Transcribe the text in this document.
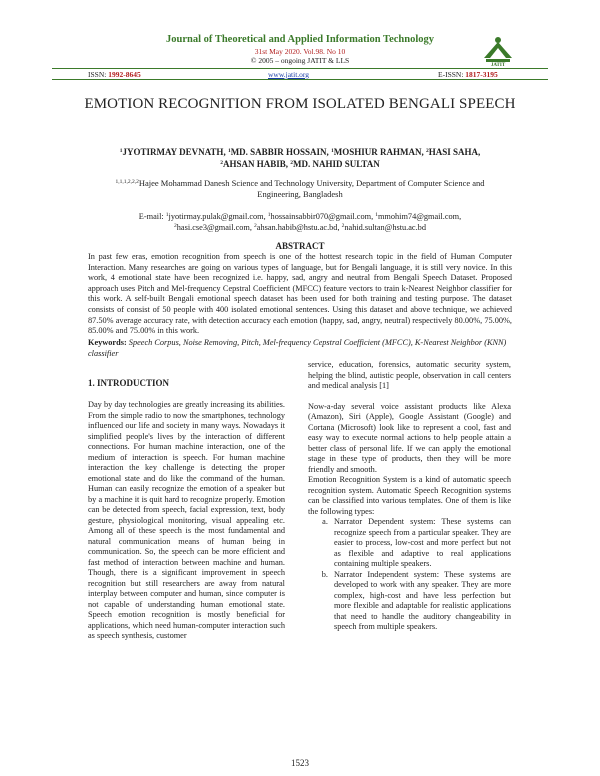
Journal of Theoretical and Applied Information Technology
31st May 2020. Vol.98. No 10
© 2005 – ongoing JATIT & LLS
JATIT
ISSN: 1992-8645	www.jatit.org	E-ISSN: 1817-3195
EMOTION RECOGNITION FROM ISOLATED BENGALI SPEECH
$^1$JYOTIRMAY DEVNATH, $^1$MD. SABBIR HOSSAIN, $^1$MOSHIUR RAHMAN, $^2$HASI SAHA,
$^2$AHSAN HABIB, $^2$MD. NAHID SULTAN
$^{1,1,1,2,2,2}$Hajee Mohammad Danesh Science and Technology University, Department of Computer Science and Engineering, Bangladesh
E-mail: $^1$jyotirmay.pulak@gmail.com, $^1$hossainsabbir070@gmail.com, $^1$mmohim74@gmail.com,
$^2$hasi.cse3@gmail.com, $^2$ahsan.habib@hstu.ac.bd, $^2$nahid.sultan@hstu.ac.bd
ABSTRACT
In past few eras, emotion recognition from speech is one of the hottest research topic in the field of Human Computer Interaction. Many researches are going on various types of language, but for Bengali language, it is still very novice. In this work, 4 emotional state have been recognized i.e. happy, sad, angry and neutral from Bengali Speech Dataset. Proposed approach uses Pitch and Mel-frequency Cepstral Coefficient (MFCC) feature vectors to train k-Nearest Neighbor classifier for this work. A self-built Bengali emotional speech dataset has been used for both training and testing purpose. The dataset consists of consist of 50 people with 400 isolated emotional sentences. Using this dataset and above technique, we achieved 87.50% average accuracy rate, with detection accuracy each emotion (happy, sad, angry, neutral) respectively 80.00%, 75.00%, 85.00% and 75.00% in this work.
Keywords: Speech Corpus, Noise Removing, Pitch, Mel-frequency Cepstral Coefficient (MFCC), K-Nearest Neighbor (KNN) classifier
1. INTRODUCTION

Day by day technologies are greatly increasing its abilities. From the simple radio to now the smartphones, technology influenced our life and society in many ways. Nowadays it simplified people's lives by the interaction of different connections. For human machine interaction, one of the medium of interaction is speech. For human machine interaction the key challenge is detecting the proper emotional state and do like the command of the human. Human can easily recognize the emotion of a speaker but by a machine it is quit hard to recognize properly. Emotion can be detected from speech, facial expression, text, body gesture, physiological monitoring, visual appealing etc. Among all of these speech is the most fundamental and natural communication means of human being in communication. So, the speech can be more efficient and fast method of interaction between machine and human. Though, there is a significant improvement in speech recognition but still researchers are away from natural interplay between computer and human, since computer is not capable of understanding human emotional state. Speech emotion recognition is mostly beneficial for applications, which need human-computer interaction such as speech synthesis, customer

service, education, forensics, automatic security system, helping the blind, autistic people, observation in call centers and medical analysis [1]

Now-a-day several voice assistant products like Alexa (Amazon), Siri (Apple), Google Assistant (Google) and Cortana (Microsoft) look like to represent a cool, fast and easy way to execute normal actions to help people attain a better class of personal life. If we can apply the emotional stage in these type of products, then they will be more friendly and smooth.

Emotion Recognition System is a kind of automatic speech recognition system. Automatic Speech Recognition systems can be classified into various templates. One of them is like the following types:

a. Narrator Dependent system: These systems can recognize speech from a particular speaker. They are easier to process, low-cost and more perfect but not as flexible and adaptive to real applications containing multiple speakers.
b. Narrator Independent system: These systems are developed to work with any speaker. They are more complex, high-cost and have less perfection but more flexible and adaptable for realistic applications that need to handle the auditory changeability in speech from multiple speakers.
1523
